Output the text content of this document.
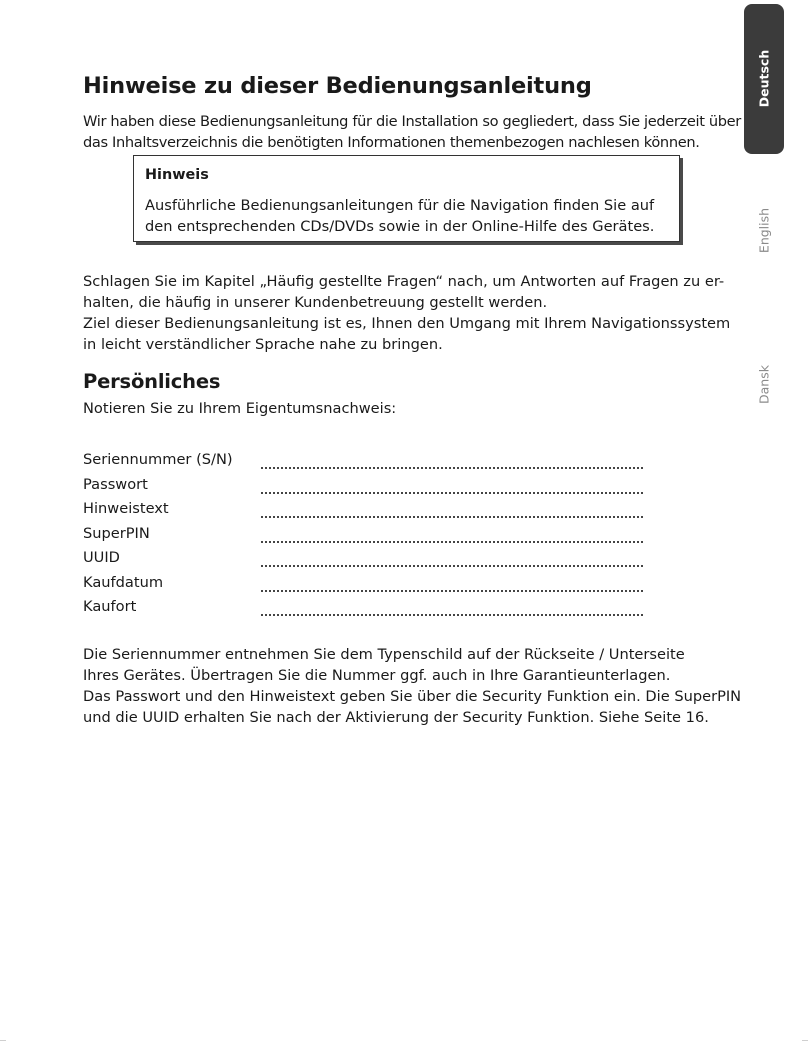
Hinweise zu dieser Bedienungsanleitung

Wir haben diese Bedienungsanleitung für die Installation so gegliedert, dass Sie jederzeit über das Inhaltsverzeichnis die benötigten Informationen themenbezogen nachlesen können.

Hinweis

Ausführliche Bedienungsanleitungen für die Navigation finden Sie auf den entsprechenden CDs/DVDs sowie in der Online-Hilfe des Gerätes.

Schlagen Sie im Kapitel „Häufig gestellte Fragen“ nach, um Antworten auf Fragen zu er-halten, die häufig in unserer Kundenbetreuung gestellt werden.

Ziel dieser Bedienungsanleitung ist es, Ihnen den Umgang mit Ihrem Navigationssystem in leicht verständlicher Sprache nahe zu bringen.

Persönliches

Notieren Sie zu Ihrem Eigentumsnachweis:

Seriennummer (S/N)
Passwort
Hinweistext
SuperPIN
UUID
Kaufdatum
Kaufort

Die Seriennummer entnehmen Sie dem Typenschild auf der Rückseite / Unterseite Ihres Gerätes. Übertragen Sie die Nummer ggf. auch in Ihre Garantieunterlagen.

Das Passwort und den Hinweistext geben Sie über die Security Funktion ein. Die SuperPIN und die UUID erhalten Sie nach der Aktivierung der Security Funktion. Siehe Seite 16.

Deutsch
English
Dansk
